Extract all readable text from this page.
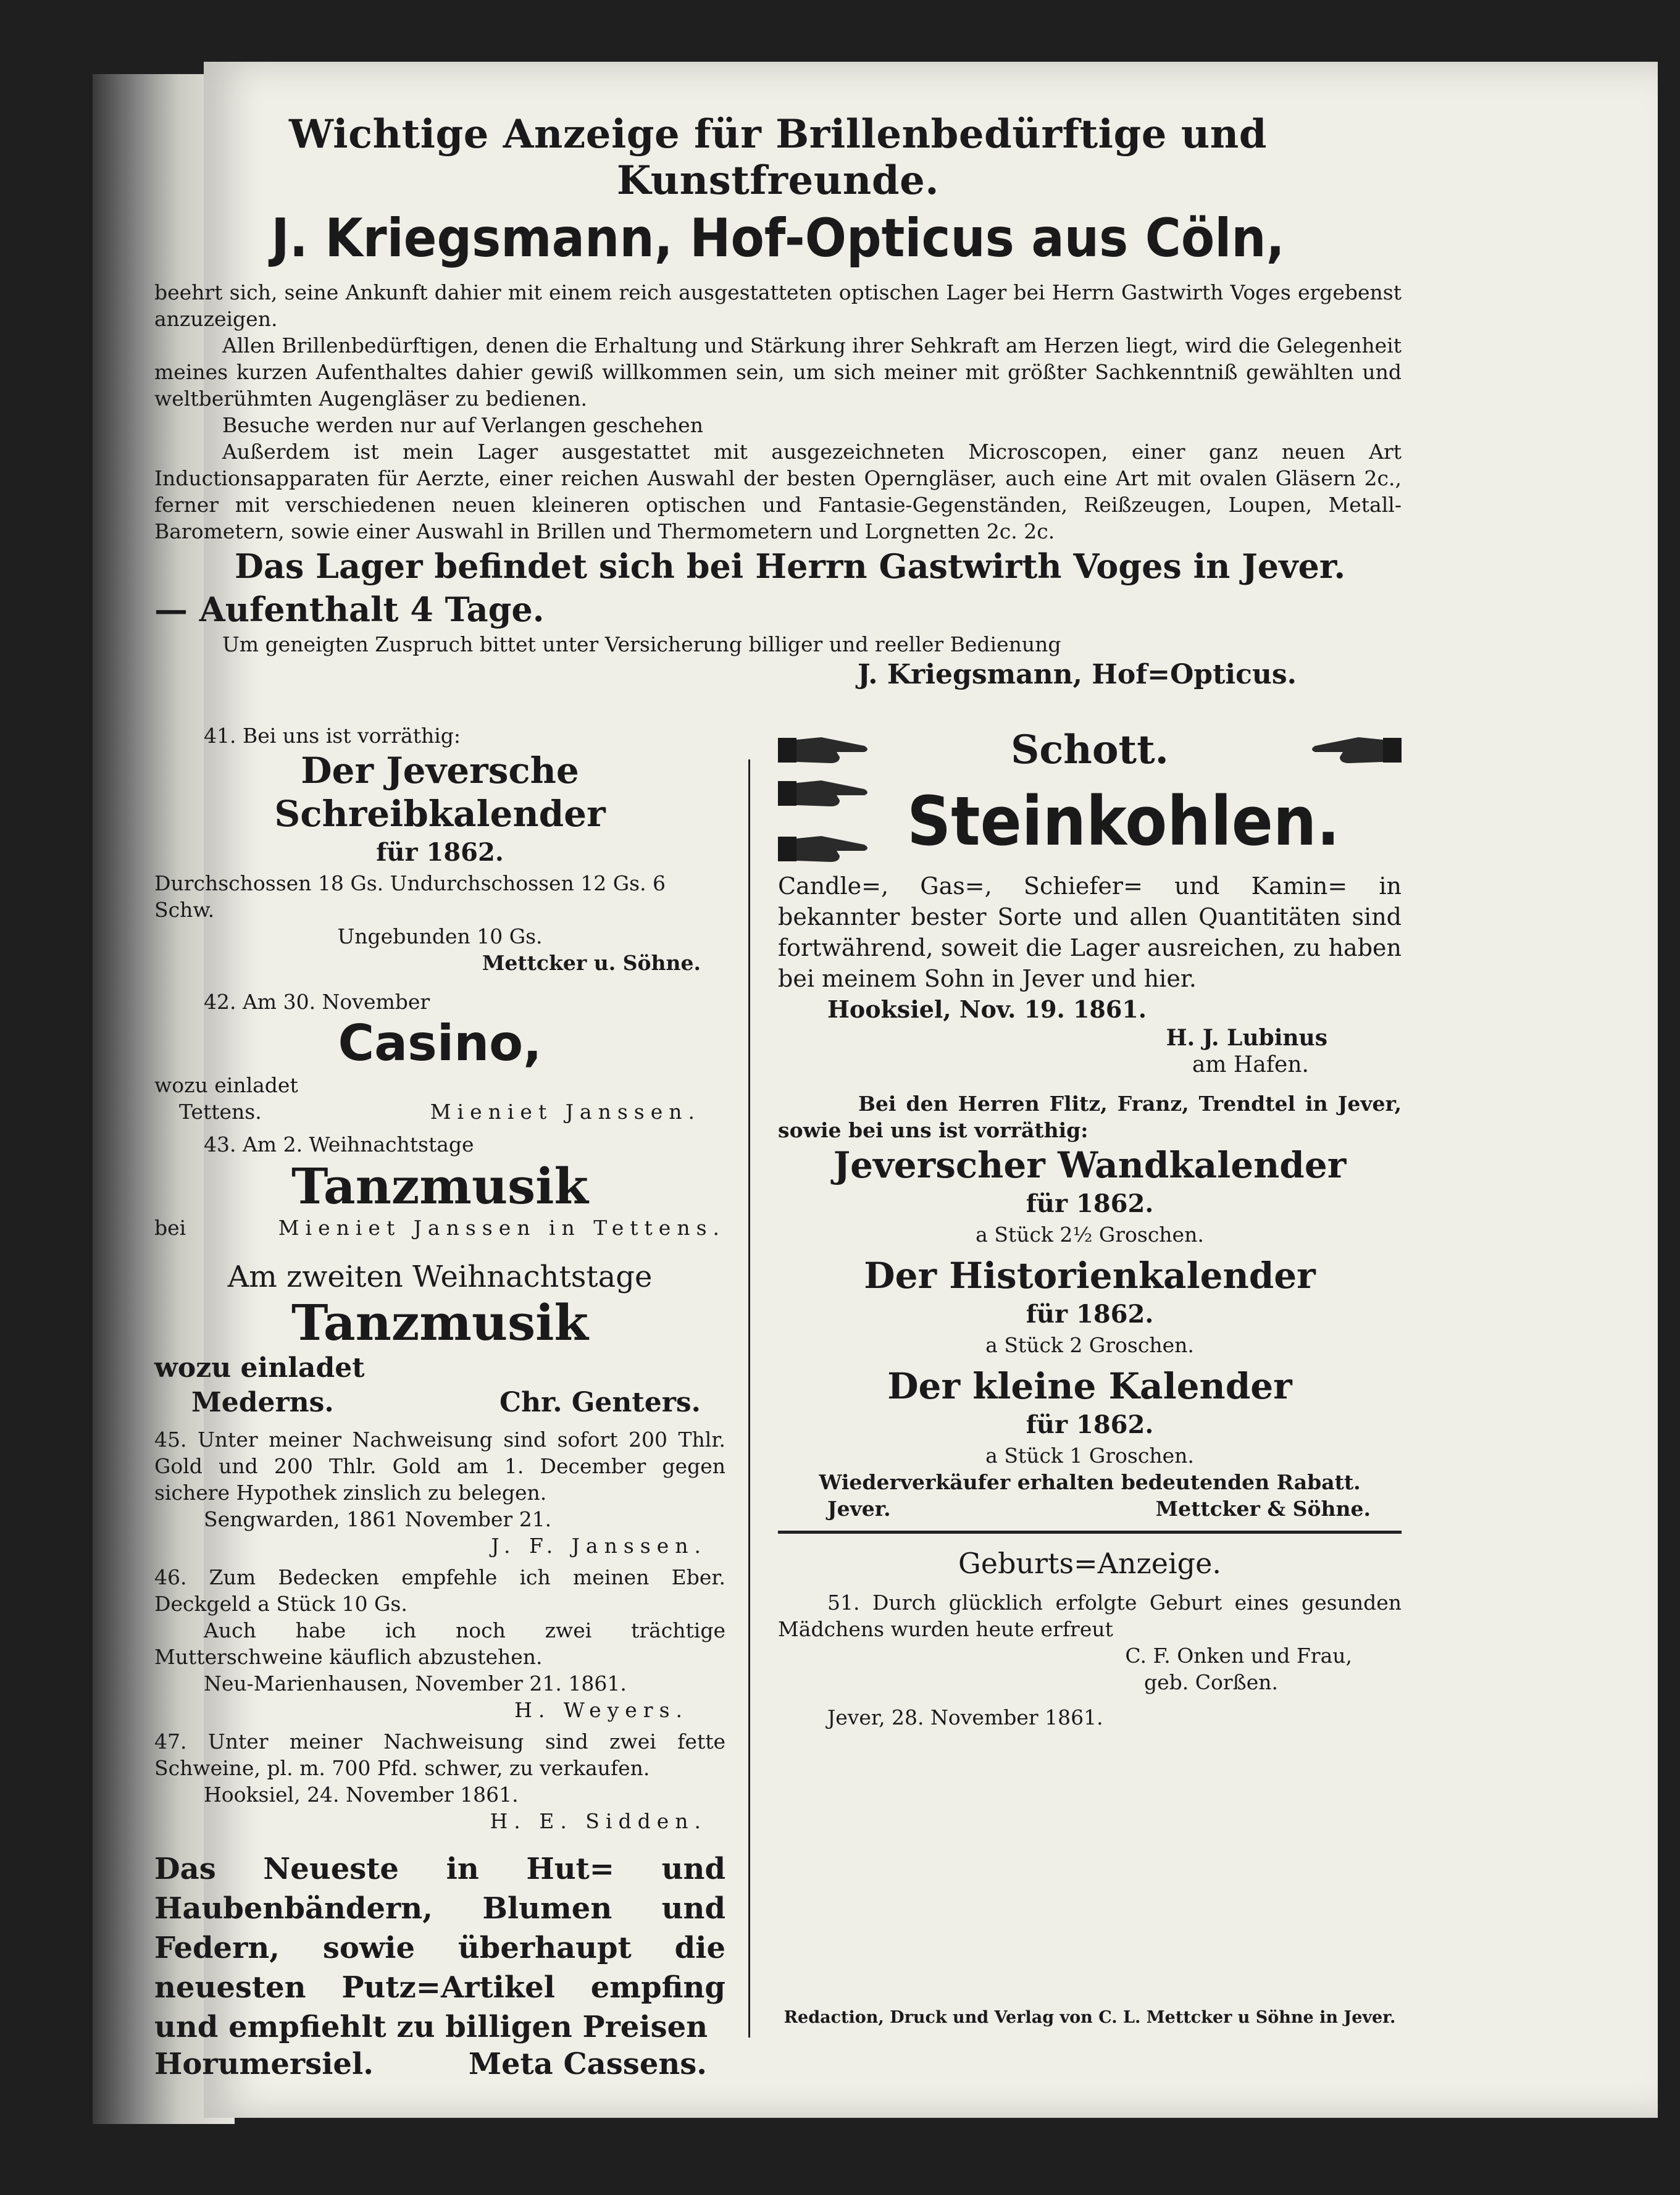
Wichtige Anzeige für Brillenbedürftige und Kunstfreunde.

J. Kriegsmann, Hof-Opticus aus Cöln,

beehrt sich, seine Ankunft dahier mit einem reich ausgestatteten optischen Lager bei Herrn Gastwirth Voges ergebenst anzuzeigen.

Allen Brillenbedürftigen, denen die Erhaltung und Stärkung ihrer Sehkraft am Herzen liegt, wird die Gelegenheit meines kurzen Aufenthaltes dahier gewiß willkommen sein, um sich meiner mit größter Sachkenntniß gewählten und weltberühmten Augengläser zu bedienen.

Besuche werden nur auf Verlangen geschehen

Außerdem ist mein Lager ausgestattet mit ausgezeichneten Microscopen, einer ganz neuen Art Inductionsapparaten für Aerzte, einer reichen Auswahl der besten Operngläser, auch eine Art mit ovalen Gläsern 2c., ferner mit verschiedenen neuen kleineren optischen und Fantasie-Gegenständen, Reißzeugen, Loupen, Metall-Barometern, sowie einer Auswahl in Brillen und Thermometern und Lorgnetten 2c. 2c.

Das Lager befindet sich bei Herrn Gastwirth Voges in Jever.

— Aufenthalt 4 Tage.

Um geneigten Zuspruch bittet unter Versicherung billiger und reeller Bedienung

J. Kriegsmann, Hof=Opticus.

41. Bei uns ist vorräthig:

Der Jeversche Schreibkalender

für 1862.

Durchschossen 18 Gs. Undurchschossen 12 Gs. 6 Schw.

Ungebunden 10 Gs.

Mettcker u. Söhne.

42. Am 30. November

Casino,

wozu einladet

Tettens.	Mieniet Janssen.

43. Am 2. Weihnachtstage

Tanzmusik

bei	Mieniet Janssen in Tettens.

Am zweiten Weihnachtstage

Tanzmusik

wozu einladet

Mederns.	Chr. Genters.

45. Unter meiner Nachweisung sind sofort 200 Thlr. Gold und 200 Thlr. Gold am 1. December gegen sichere Hypothek zinslich zu belegen.

Sengwarden, 1861 November 21.

J. F. Janssen.

46. Zum Bedecken empfehle ich meinen Eber. Deckgeld a Stück 10 Gs.

Auch habe ich noch zwei trächtige Mutterschweine käuflich abzustehen.

Neu-Marienhausen, November 21. 1861.

H. Weyers.

47. Unter meiner Nachweisung sind zwei fette Schweine, pl. m. 700 Pfd. schwer, zu verkaufen.

Hooksiel, 24. November 1861.

H. E. Sidden.

Das Neueste in Hut= und Haubenbändern, Blumen und Federn, sowie überhaupt die neuesten Putz=Artikel empfing und empfiehlt zu billigen Preisen

Horumersiel.	Meta Cassens.

Schott.
Steinkohlen.

Candle=, Gas=, Schiefer= und Kamin= in bekannter bester Sorte und allen Quantitäten sind fortwährend, soweit die Lager ausreichen, zu haben bei meinem Sohn in Jever und hier.

Hooksiel, Nov. 19. 1861.

H. J. Lubinus

am Hafen.

Bei den Herren Flitz, Franz, Trendtel in Jever, sowie bei uns ist vorräthig:

Jeverscher Wandkalender

für 1862.

a Stück 2½ Groschen.

Der Historienkalender

für 1862.

a Stück 2 Groschen.

Der kleine Kalender

für 1862.

a Stück 1 Groschen.

Wiederverkäufer erhalten bedeutenden Rabatt.

Jever.	Mettcker & Söhne.

Geburts=Anzeige.

51. Durch glücklich erfolgte Geburt eines gesunden Mädchens wurden heute erfreut

C. F. Onken und Frau,

geb. Corßen.

Jever, 28. November 1861.

Redaction, Druck und Verlag von C. L. Mettcker u Söhne in Jever.
